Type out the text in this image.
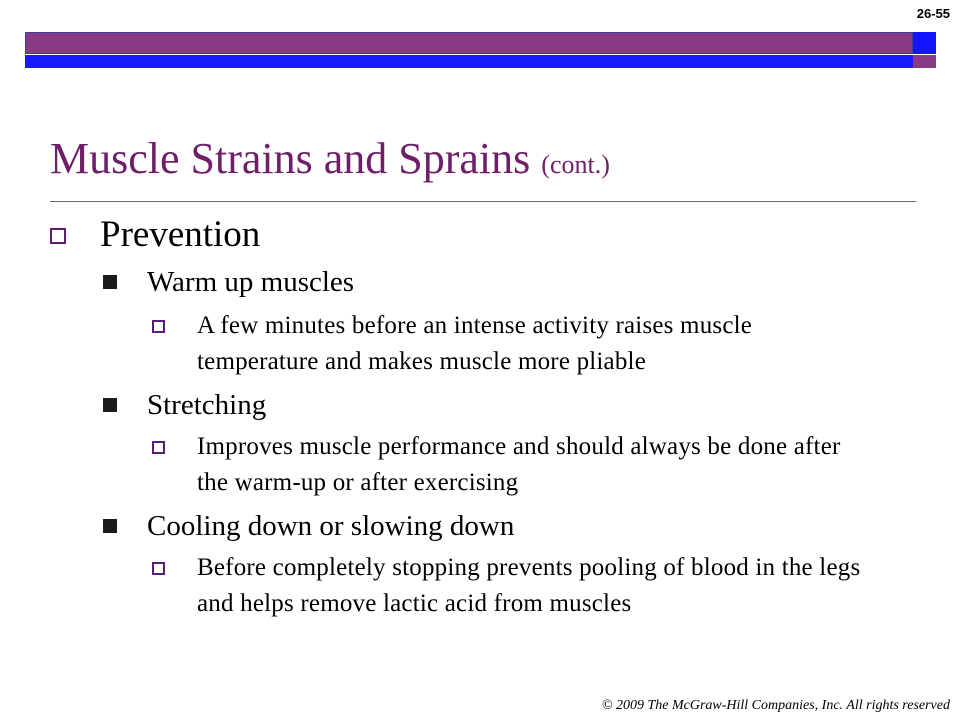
26-55
Muscle Strains and Sprains (cont.)
Prevention
Warm up muscles
A few minutes before an intense activity raises muscle temperature and makes muscle more pliable
Stretching
Improves muscle performance and should always be done after the warm-up or after exercising
Cooling down or slowing down
Before completely stopping prevents pooling of blood in the legs and helps remove lactic acid from muscles
© 2009 The McGraw-Hill Companies, Inc. All rights reserved
